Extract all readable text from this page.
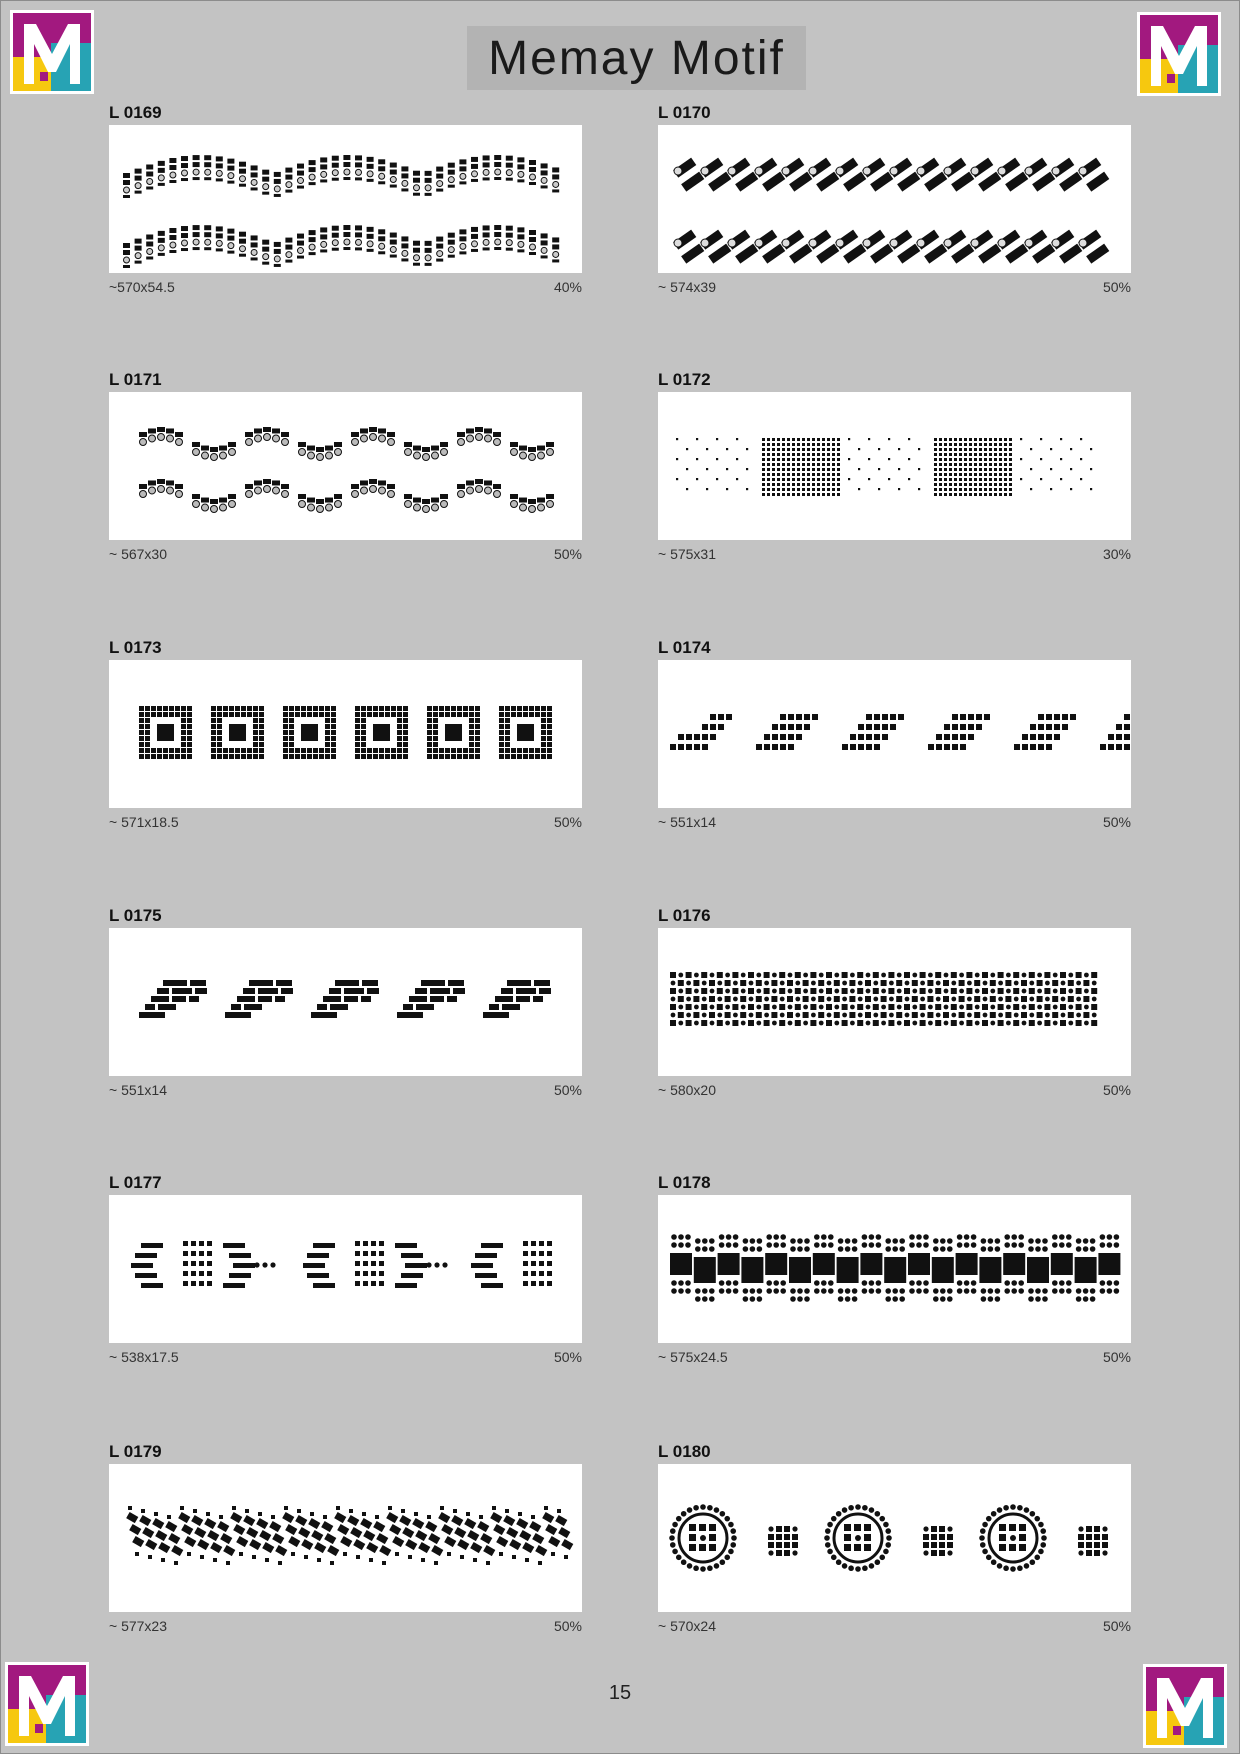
Memay Motif
L 0169
~570x54.5	40%
L 0170
~ 574x39	50%
L 0171
~ 567x30	50%
L 0172
~ 575x31	30%
L 0173
~ 571x18.5	50%
L 0174
~ 551x14	50%
L 0175
~ 551x14	50%
L 0176
~ 580x20	50%
L 0177
~ 538x17.5	50%
L 0178
~ 575x24.5	50%
L 0179
~ 577x23	50%
L 0180
~ 570x24	50%
15
